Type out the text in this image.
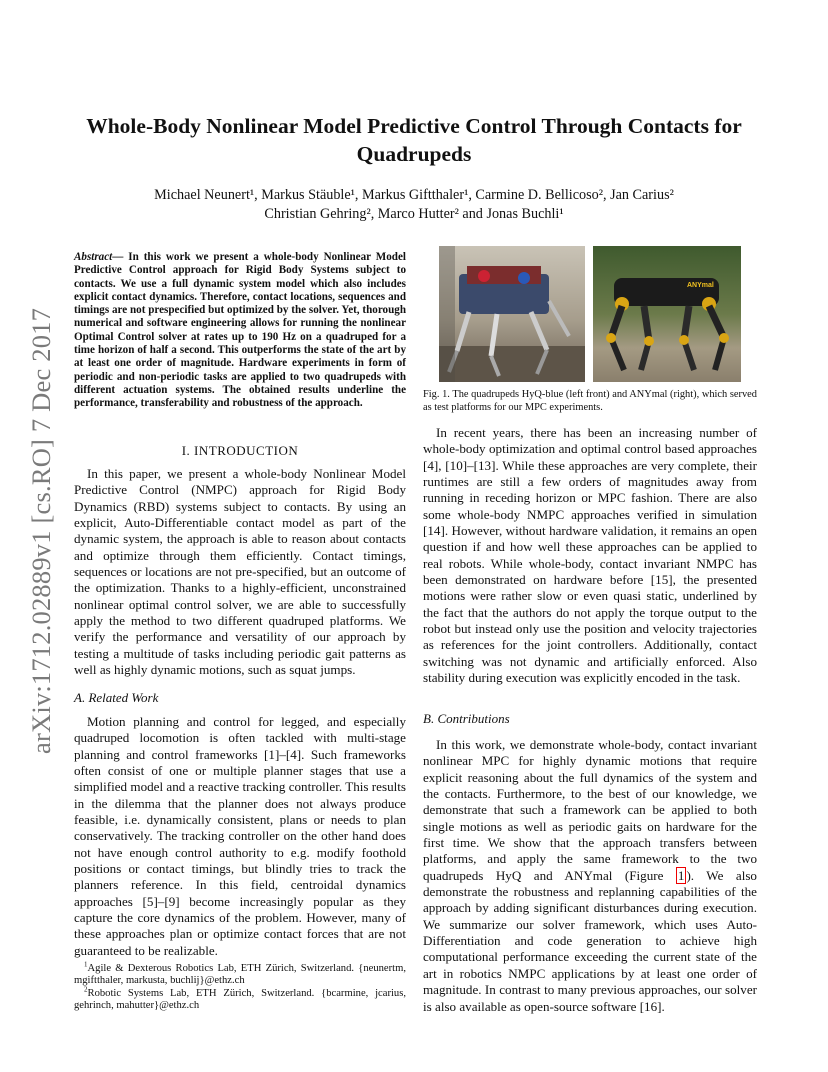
arXiv:1712.02889v1 [cs.RO] 7 Dec 2017
Whole-Body Nonlinear Model Predictive Control Through Contacts for Quadrupeds
Michael Neunert¹, Markus Stäuble¹, Markus Giftthaler¹, Carmine D. Bellicoso², Jan Carius²
Christian Gehring², Marco Hutter² and Jonas Buchli¹
Abstract— In this work we present a whole-body Nonlinear Model Predictive Control approach for Rigid Body Systems subject to contacts. We use a full dynamic system model which also includes explicit contact dynamics. Therefore, contact locations, sequences and timings are not prespecified but optimized by the solver. Yet, thorough numerical and software engineering allows for running the nonlinear Optimal Control solver at rates up to 190 Hz on a quadruped for a time horizon of half a second. This outperforms the state of the art by at least one order of magnitude. Hardware experiments in form of periodic and non-periodic tasks are applied to two quadrupeds with different actuation systems. The obtained results underline the performance, transferability and robustness of the approach.
I. INTRODUCTION

In this paper, we present a whole-body Nonlinear Model Predictive Control (NMPC) approach for Rigid Body Dynamics (RBD) systems subject to contacts. By using an explicit, Auto-Differentiable contact model as part of the dynamic system, the approach is able to reason about contacts and optimize through them efficiently. Contact timings, sequences or locations are not pre-specified, but an outcome of the optimization. Thanks to a highly-efficient, unconstrained nonlinear optimal control solver, we are able to successfully apply the method to two different quadruped platforms. We verify the performance and versatility of our approach by testing a multitude of tasks including periodic gait patterns as well as highly dynamic motions, such as squat jumps.

A. Related Work

Motion planning and control for legged, and especially quadruped locomotion is often tackled with multi-stage planning and control frameworks [1]–[4]. Such frameworks often consist of one or multiple planner stages that use a simplified model and a reactive tracking controller. This results in the dilemma that the planner does not always produce feasible, i.e. dynamically consistent, plans or needs to plan conservatively. The tracking controller on the other hand does not have enough control authority to e.g. modify foothold positions or contact timings, but blindly tries to track the planners reference. In this field, centroidal dynamics approaches [5]–[9] become increasingly popular as they capture the core dynamics of the problem. However, many of these approaches plan or optimize contact forces that are not guaranteed to be realizable.

$^1$Agile & Dexterous Robotics Lab, ETH Zürich, Switzerland. {neunertm, mgiftthaler, markusta, buchlij}@ethz.ch
$^2$Robotic Systems Lab, ETH Zürich, Switzerland. {bcarmine, jcarius, gehrinch, mahutter}@ethz.ch
ANYmal
Fig. 1. The quadrupeds HyQ-blue (left front) and ANYmal (right), which served as test platforms for our MPC experiments.

In recent years, there has been an increasing number of whole-body optimization and optimal control based approaches [4], [10]–[13]. While these approaches are very complete, their runtimes are still a few orders of magnitudes away from running in receding horizon or MPC fashion. There are also some whole-body NMPC approaches verified in simulation [14]. However, without hardware validation, it remains an open question if and how well these approaches can be applied to real robots. While whole-body, contact invariant NMPC has been demonstrated on hardware before [15], the presented motions were rather slow or even quasi static, underlined by the fact that the authors do not apply the torque output to the robot but instead only use the position and velocity trajectories as references for the joint controllers. Additionally, contact switching was not dynamic and artificially enforced. Also stability during execution was explicitly encoded in the task.

B. Contributions

In this work, we demonstrate whole-body, contact invariant nonlinear MPC for highly dynamic motions that require explicit reasoning about the full dynamics of the system and the contacts. Furthermore, to the best of our knowledge, we demonstrate that such a framework can be applied to both single motions as well as periodic gaits on hardware for the first time. We show that the approach transfers between platforms, and apply the same framework to the two quadrupeds HyQ and ANYmal (Figure 1 ). We also demonstrate the robustness and replanning capabilities of the approach by adding significant disturbances during execution. We summarize our solver framework, which uses Auto-Differentiation and code generation to achieve high computational performance exceeding the current state of the art in robotics NMPC applications by at least one order of magnitude. In contrast to many previous approaches, our solver is also available as open-source software [16].
